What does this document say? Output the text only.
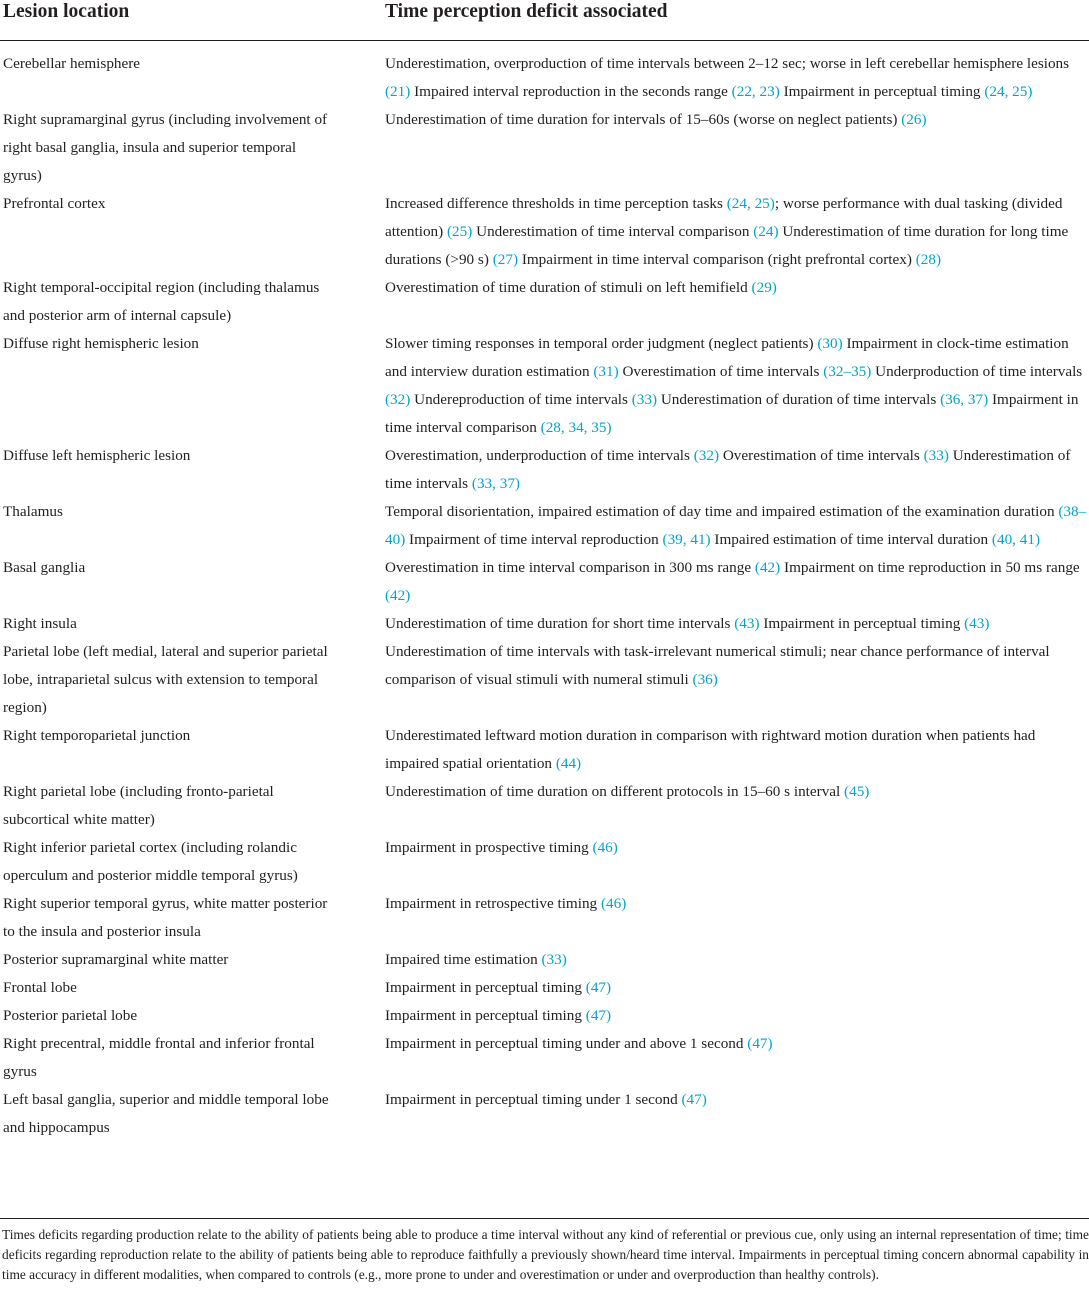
Lesion location	Time perception deficit associated
Cerebellar hemisphere	Underestimation, overproduction of time intervals between 2–12 sec; worse in left cerebellar hemisphere lesions (21) Impaired interval reproduction in the seconds range (22, 23) Impairment in perceptual timing (24, 25)
Right supramarginal gyrus (including involvement of right basal ganglia, insula and superior temporal gyrus)	Underestimation of time duration for intervals of 15–60s (worse on neglect patients) (26)
Prefrontal cortex	Increased difference thresholds in time perception tasks (24, 25); worse performance with dual tasking (divided attention) (25) Underestimation of time interval comparison (24) Underestimation of time duration for long time durations (>90 s) (27) Impairment in time interval comparison (right prefrontal cortex) (28)
Right temporal-occipital region (including thalamus and posterior arm of internal capsule)	Overestimation of time duration of stimuli on left hemifield (29)
Diffuse right hemispheric lesion	Slower timing responses in temporal order judgment (neglect patients) (30) Impairment in clock-time estimation and interview duration estimation (31) Overestimation of time intervals (32–35) Underproduction of time intervals (32) Undereproduction of time intervals (33) Underestimation of duration of time intervals (36, 37) Impairment in time interval comparison (28, 34, 35)
Diffuse left hemispheric lesion	Overestimation, underproduction of time intervals (32) Overestimation of time intervals (33) Underestimation of time intervals (33, 37)
Thalamus	Temporal disorientation, impaired estimation of day time and impaired estimation of the examination duration (38–40) Impairment of time interval reproduction (39, 41) Impaired estimation of time interval duration (40, 41)
Basal ganglia	Overestimation in time interval comparison in 300 ms range (42) Impairment on time reproduction in 50 ms range (42)
Right insula	Underestimation of time duration for short time intervals (43) Impairment in perceptual timing (43)
Parietal lobe (left medial, lateral and superior parietal lobe, intraparietal sulcus with extension to temporal region)	Underestimation of time intervals with task-irrelevant numerical stimuli; near chance performance of interval comparison of visual stimuli with numeral stimuli (36)
Right temporoparietal junction	Underestimated leftward motion duration in comparison with rightward motion duration when patients had impaired spatial orientation (44)
Right parietal lobe (including fronto-parietal subcortical white matter)	Underestimation of time duration on different protocols in 15–60 s interval (45)
Right inferior parietal cortex (including rolandic operculum and posterior middle temporal gyrus)	Impairment in prospective timing (46)
Right superior temporal gyrus, white matter posterior to the insula and posterior insula	Impairment in retrospective timing (46)
Posterior supramarginal white matter	Impaired time estimation (33)
Frontal lobe	Impairment in perceptual timing (47)
Posterior parietal lobe	Impairment in perceptual timing (47)
Right precentral, middle frontal and inferior frontal gyrus	Impairment in perceptual timing under and above 1 second (47)
Left basal ganglia, superior and middle temporal lobe and hippocampus	Impairment in perceptual timing under 1 second (47)
Times deficits regarding production relate to the ability of patients being able to produce a time interval without any kind of referential or previous cue, only using an internal representation of time; time deficits regarding reproduction relate to the ability of patients being able to reproduce faithfully a previously shown/heard time interval. Impairments in perceptual timing concern abnormal capability in time accuracy in different modalities, when compared to controls (e.g., more prone to under and overestimation or under and overproduction than healthy controls).
